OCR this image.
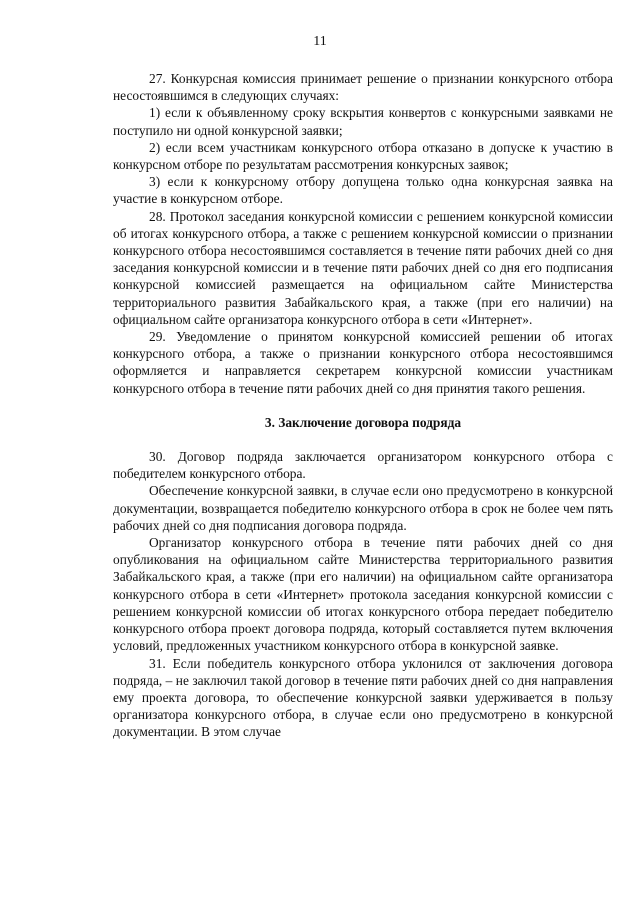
11

27. Конкурсная комиссия принимает решение о признании конкурсного отбора несостоявшимся в следующих случаях:

1) если к объявленному сроку вскрытия конвертов с конкурсными заявками не поступило ни одной конкурсной заявки;

2) если всем участникам конкурсного отбора отказано в допуске к участию в конкурсном отборе по результатам рассмотрения конкурсных заявок;

3) если к конкурсному отбору допущена только одна конкурсная заявка на участие в конкурсном отборе.

28. Протокол заседания конкурсной комиссии с решением конкурсной комиссии об итогах конкурсного отбора, а также с решением конкурсной комиссии о признании конкурсного отбора несостоявшимся составляется в течение пяти рабочих дней со дня заседания конкурсной комиссии и в течение пяти рабочих дней со дня его подписания конкурсной комиссией размещается на официальном сайте Министерства территориального развития Забайкальского края, а также (при его наличии) на официальном сайте организатора конкурсного отбора в сети «Интернет».

29. Уведомление о принятом конкурсной комиссией решении об итогах конкурсного отбора, а также о признании конкурсного отбора несостоявшимся оформляется и направляется секретарем конкурсной комиссии участникам конкурсного отбора в течение пяти рабочих дней со дня принятия такого решения.

3. Заключение договора подряда

30. Договор подряда заключается организатором конкурсного отбора с победителем конкурсного отбора.

Обеспечение конкурсной заявки, в случае если оно предусмотрено в конкурсной документации, возвращается победителю конкурсного отбора в срок не более чем пять рабочих дней со дня подписания договора подряда.

Организатор конкурсного отбора в течение пяти рабочих дней со дня опубликования на официальном сайте Министерства территориального развития Забайкальского края, а также (при его наличии) на официальном сайте организатора конкурсного отбора в сети «Интернет» протокола заседания конкурсной комиссии с решением конкурсной комиссии об итогах конкурсного отбора передает победителю конкурсного отбора проект договора подряда, который составляется путем включения условий, предложенных участником конкурсного отбора в конкурсной заявке.

31. Если победитель конкурсного отбора уклонился от заключения договора подряда, – не заключил такой договор в течение пяти рабочих дней со дня направления ему проекта договора, то обеспечение конкурсной заявки удерживается в пользу организатора конкурсного отбора, в случае если оно предусмотрено в конкурсной документации. В этом случае
